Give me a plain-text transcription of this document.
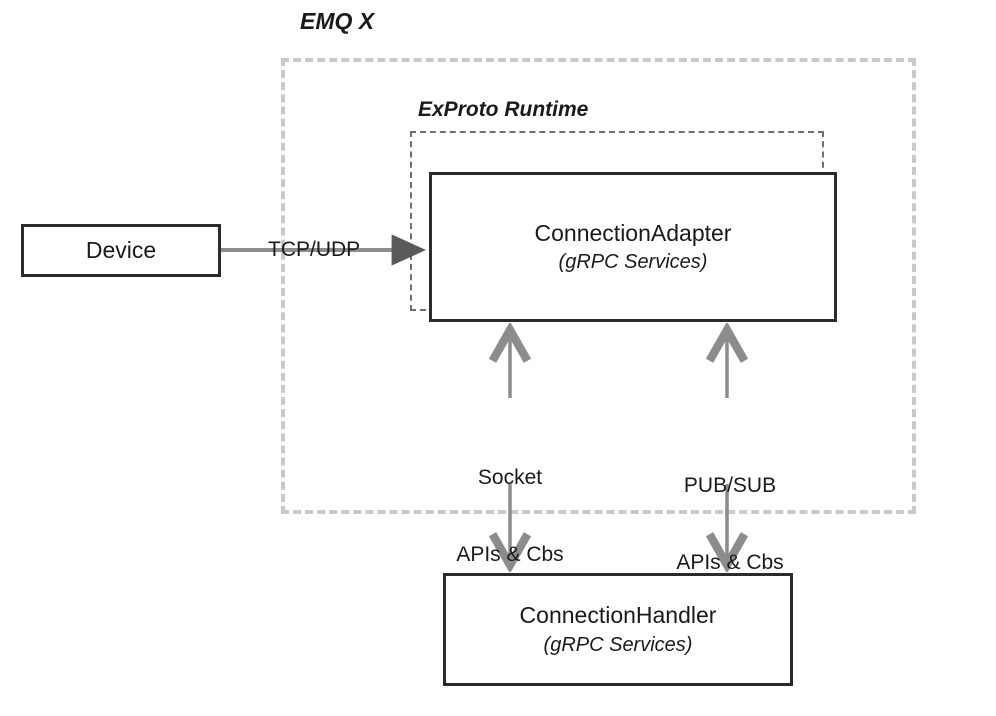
EMQ X
ExProto Runtime
Device
ConnectionAdapter
(gRPC Services)
ConnectionHandler
(gRPC Services)
TCP/UDP

Socket

APIs & Cbs

PUB/SUB

APIs & Cbs
